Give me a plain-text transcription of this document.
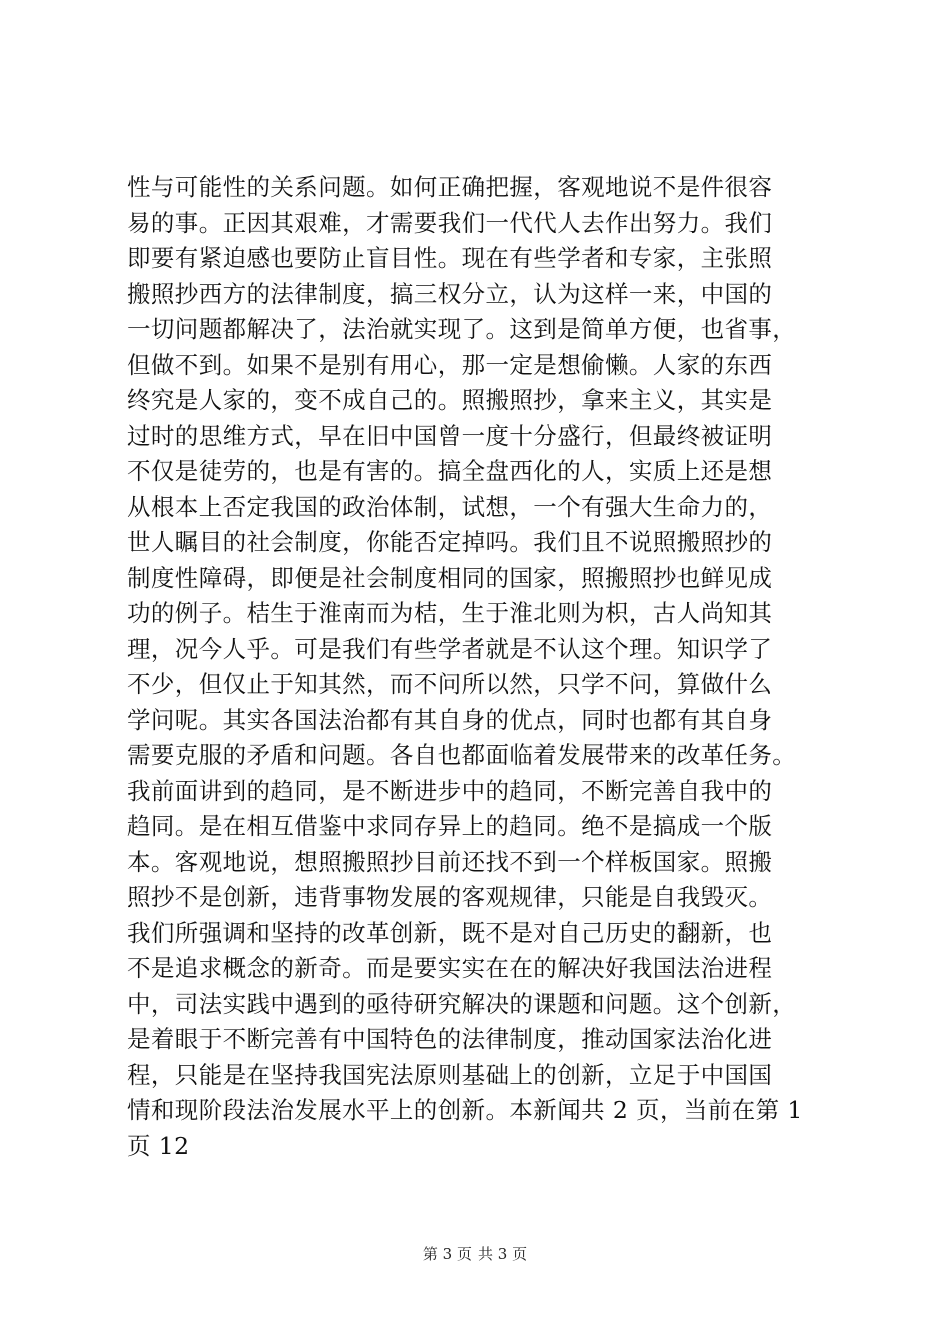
性与可能性的关系问题。如何正确把握，客观地说不是件很容
易的事。正因其艰难，才需要我们一代代人去作出努力。我们
即要有紧迫感也要防止盲目性。现在有些学者和专家，主张照
搬照抄西方的法律制度，搞三权分立，认为这样一来，中国的
一切问题都解决了，法治就实现了。这到是简单方便，也省事，
但做不到。如果不是别有用心，那一定是想偷懒。人家的东西
终究是人家的，变不成自己的。照搬照抄，拿来主义，其实是
过时的思维方式，早在旧中国曾一度十分盛行，但最终被证明
不仅是徒劳的，也是有害的。搞全盘西化的人，实质上还是想
从根本上否定我国的政治体制，试想，一个有强大生命力的，
世人瞩目的社会制度，你能否定掉吗。我们且不说照搬照抄的
制度性障碍，即便是社会制度相同的国家，照搬照抄也鲜见成
功的例子。桔生于淮南而为桔，生于淮北则为枳，古人尚知其
理，况今人乎。可是我们有些学者就是不认这个理。知识学了
不少，但仅止于知其然，而不问所以然，只学不问，算做什么
学问呢。其实各国法治都有其自身的优点，同时也都有其自身
需要克服的矛盾和问题。各自也都面临着发展带来的改革任务。
我前面讲到的趋同，是不断进步中的趋同，不断完善自我中的
趋同。是在相互借鉴中求同存异上的趋同。绝不是搞成一个版
本。客观地说，想照搬照抄目前还找不到一个样板国家。照搬
照抄不是创新，违背事物发展的客观规律，只能是自我毁灭。
我们所强调和坚持的改革创新，既不是对自己历史的翻新，也
不是追求概念的新奇。而是要实实在在的解决好我国法治进程
中，司法实践中遇到的亟待研究解决的课题和问题。这个创新，
是着眼于不断完善有中国特色的法律制度，推动国家法治化进
程，只能是在坚持我国宪法原则基础上的创新，立足于中国国
情和现阶段法治发展水平上的创新。本新闻共 2 页，当前在第 1
页 12
第 3 页 共 3 页
